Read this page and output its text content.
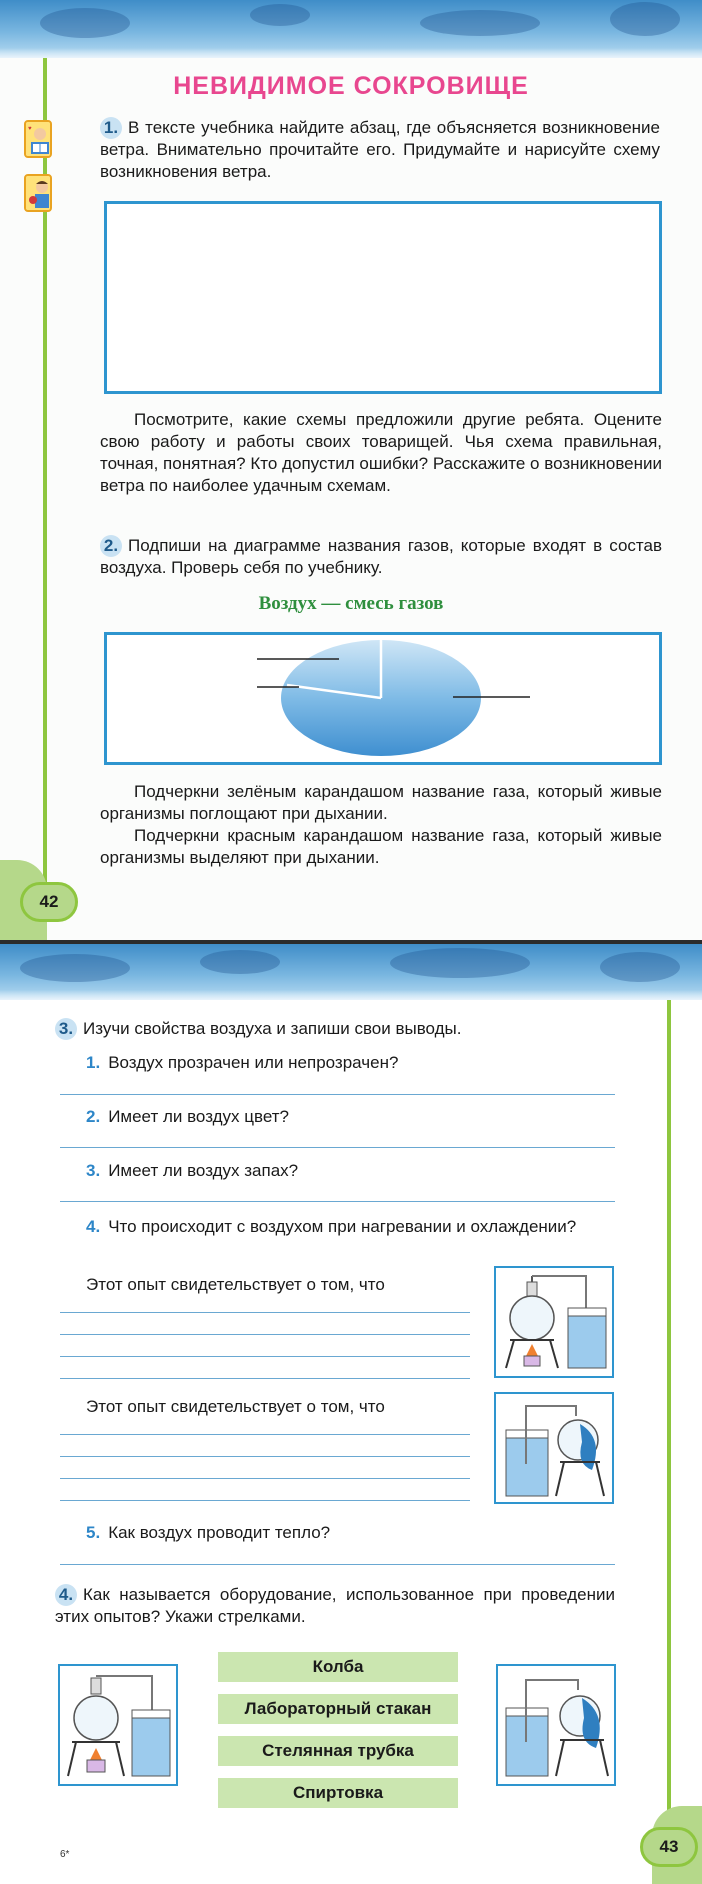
42
♥
НЕВИДИМОЕ СОКРОВИЩЕ
1. В тексте учебника найдите абзац, где объясняется возникновение ветра. Внимательно прочитайте его. Придумайте и нарисуйте схему возникновения ветра.
Посмотрите, какие схемы предложили другие ребята. Оцените свою работу и работы своих товарищей. Чья схема правильная, точная, понятная? Кто допустил ошибки? Расскажите о возникновении ветра по наиболее удачным схемам.
2. Подпиши на диаграмме названия газов, которые входят в состав воздуха. Проверь себя по учебнику.
Воздух — смесь газов
Подчеркни зелёным карандашом название газа, который живые организмы поглощают при дыхании.
Подчеркни красным карандашом название газа, который живые организмы выделяют при дыхании.
43
3. Изучи свойства воздуха и запиши свои выводы.
1. Воздух прозрачен или непрозрачен?
2. Имеет ли воздух цвет?
3. Имеет ли воздух запах?
4. Что происходит с воздухом при нагревании и охлаждении?
Этот опыт свидетельствует о том, что
Этот опыт свидетельствует о том, что
5. Как воздух проводит тепло?
4. Как называется оборудование, использованное при проведении этих опытов? Укажи стрелками.
Колба
Лабораторный стакан
Стелянная трубка
Спиртовка
6*
